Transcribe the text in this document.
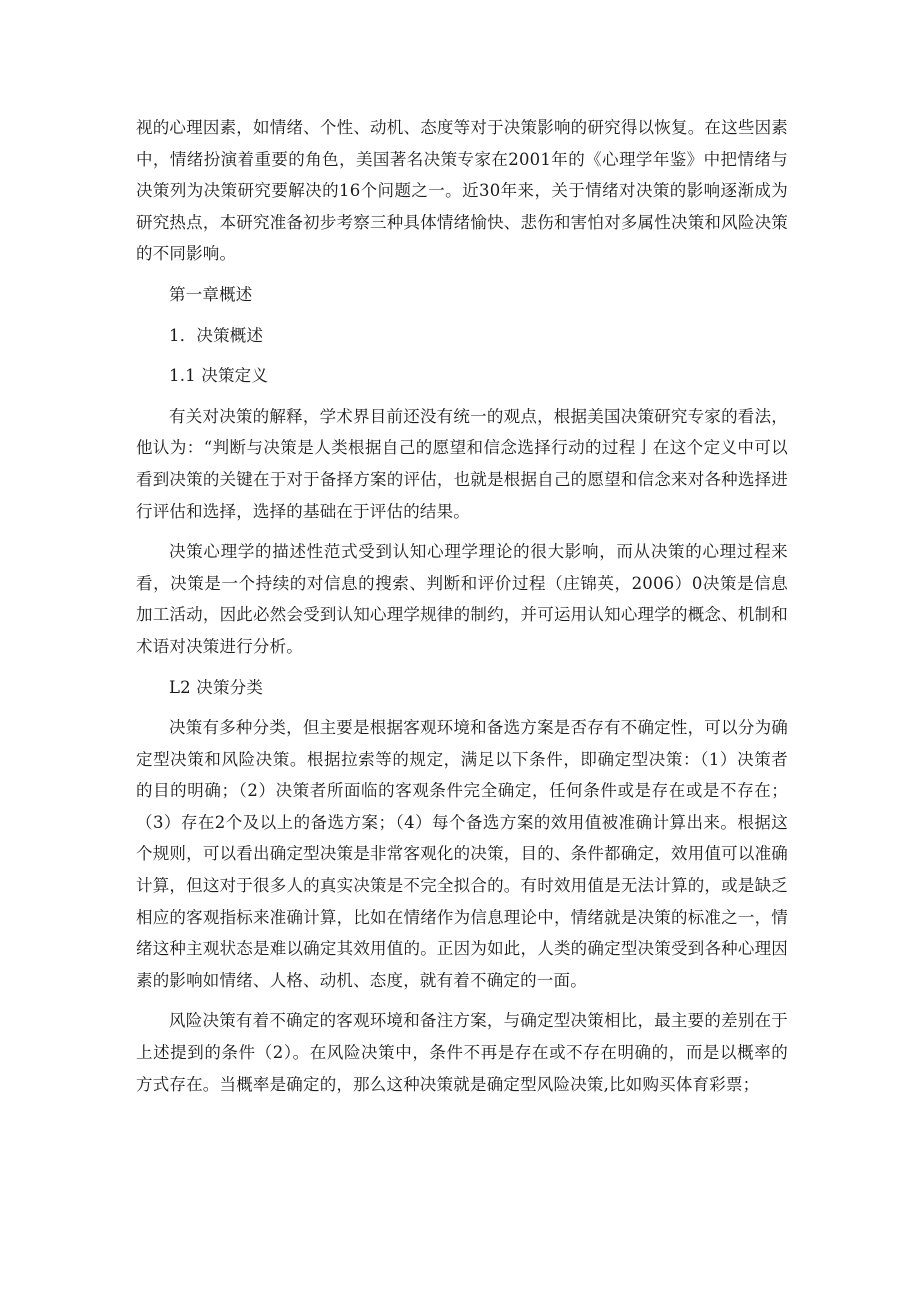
视的心理因素，如情绪、个性、动机、态度等对于决策影响的研究得以恢复。在这些因素中，情绪扮演着重要的角色，美国著名决策专家在2001年的《心理学年鉴》中把情绪与决策列为决策研究要解决的16个问题之一。近30年来，关于情绪对决策的影响逐渐成为研究热点，本研究准备初步考察三种具体情绪愉快、悲伤和害怕对多属性决策和风险决策的不同影响。

第一章概述

1．决策概述

1.1 决策定义

有关对决策的解释，学术界目前还没有统一的观点，根据美国决策研究专家的看法，他认为：“判断与决策是人类根据自己的愿望和信念选择行动的过程亅在这个定义中可以看到决策的关键在于对于备择方案的评估，也就是根据自己的愿望和信念来对各种选择进行评估和选择，选择的基础在于评估的结果。

决策心理学的描述性范式受到认知心理学理论的很大影响，而从决策的心理过程来看，决策是一个持续的对信息的搜索、判断和评价过程（庄锦英，2006）0决策是信息加工活动，因此必然会受到认知心理学规律的制约，并可运用认知心理学的概念、机制和术语对决策进行分析。

L2 决策分类

决策有多种分类，但主要是根据客观环境和备选方案是否存有不确定性，可以分为确定型决策和风险决策。根据拉索等的规定，满足以下条件，即确定型决策：（1）决策者的目的明确；（2）决策者所面临的客观条件完全确定，任何条件或是存在或是不存在；（3）存在2个及以上的备选方案；（4）每个备选方案的效用值被准确计算出来。根据这个规则，可以看出确定型决策是非常客观化的决策，目的、条件都确定，效用值可以准确计算，但这对于很多人的真实决策是不完全拟合的。有时效用值是无法计算的，或是缺乏相应的客观指标来准确计算，比如在情绪作为信息理论中，情绪就是决策的标准之一，情绪这种主观状态是难以确定其效用值的。正因为如此，人类的确定型决策受到各种心理因素的影响如情绪、人格、动机、态度，就有着不确定的一面。

风险决策有着不确定的客观环境和备注方案，与确定型决策相比，最主要的差别在于上述提到的条件（2）。在风险决策中，条件不再是存在或不存在明确的，而是以概率的方式存在。当概率是确定的，那么这种决策就是确定型风险决策,比如购买体育彩票；
